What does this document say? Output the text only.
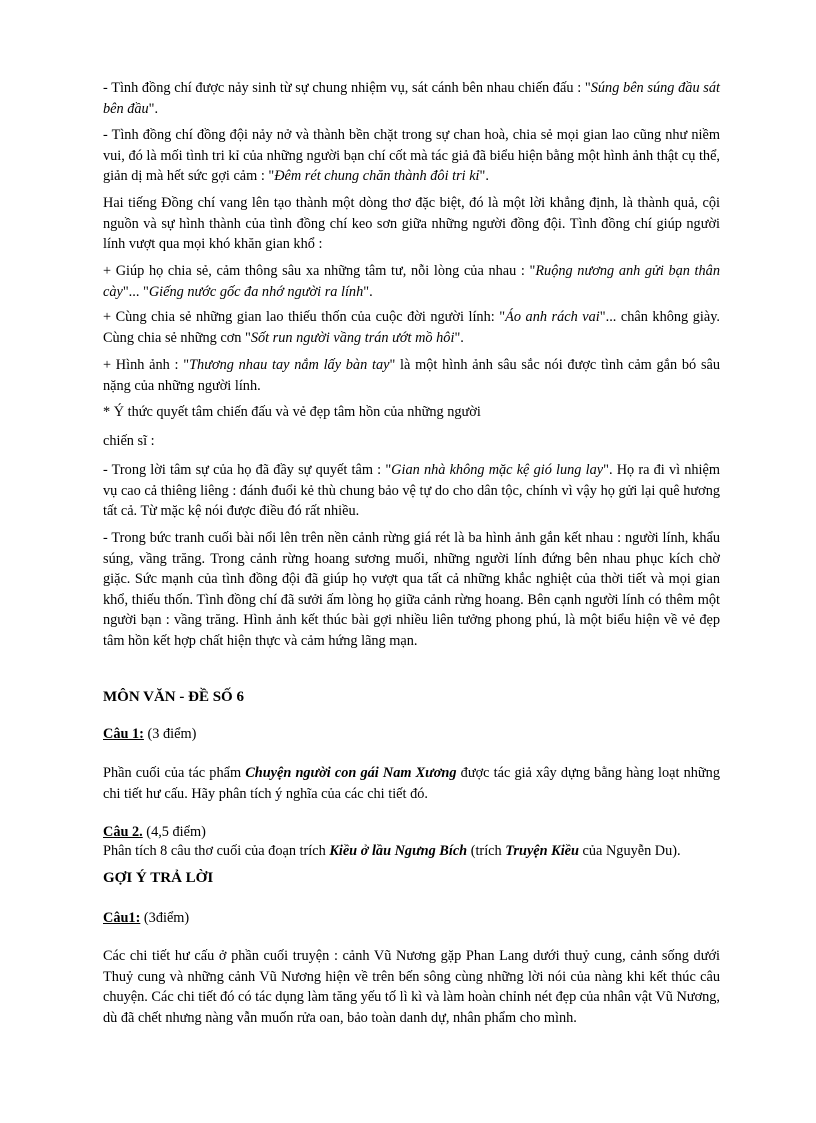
- Tình đồng chí được nảy sinh từ sự chung nhiệm vụ, sát cánh bên nhau chiến đấu : "Súng bên súng đầu sát bên đầu".

- Tình đồng chí đồng đội nảy nở và thành bền chặt trong sự chan hoà, chia sẻ mọi gian lao cũng như niềm vui, đó là mối tình tri kỉ của những người bạn chí cốt mà tác giả đã biểu hiện bằng một hình ảnh thật cụ thể, giản dị mà hết sức gợi cảm : "Đêm rét chung chăn thành đôi tri kỉ".

Hai tiếng Đồng chí vang lên tạo thành một dòng thơ đặc biệt, đó là một lời khẳng định, là thành quả, cội nguồn và sự hình thành của tình đồng chí keo sơn giữa những người đồng đội. Tình đồng chí giúp người lính vượt qua mọi khó khăn gian khổ :

+ Giúp họ chia sẻ, cảm thông sâu xa những tâm tư, nỗi lòng của nhau : "Ruộng nương anh gửi bạn thân cày"... "Giếng nước gốc đa nhớ người ra lính".

+ Cùng chia sẻ những gian lao thiếu thốn của cuộc đời người lính: "Áo anh rách vai"... chân không giày. Cùng chia sẻ những cơn "Sốt run người vầng trán ướt mồ hôi".

+ Hình ảnh : "Thương nhau tay nắm lấy bàn tay" là một hình ảnh sâu sắc nói được tình cảm gắn bó sâu nặng của những người lính.

* Ý thức quyết tâm chiến đấu và vẻ đẹp tâm hồn của những người

chiến sĩ :

- Trong lời tâm sự của họ đã đầy sự quyết tâm : "Gian nhà không mặc kệ gió lung lay". Họ ra đi vì nhiệm vụ cao cả thiêng liêng : đánh đuổi kẻ thù chung bảo vệ tự do cho dân tộc, chính vì vậy họ gửi lại quê hương tất cả. Từ mặc kệ nói được điều đó rất nhiều.

- Trong bức tranh cuối bài nổi lên trên nền cảnh rừng giá rét là ba hình ảnh gắn kết nhau : người lính, khẩu súng, vầng trăng. Trong cảnh rừng hoang sương muối, những người lính đứng bên nhau phục kích chờ giặc. Sức mạnh của tình đồng đội đã giúp họ vượt qua tất cả những khắc nghiệt của thời tiết và mọi gian khổ, thiếu thốn. Tình đồng chí đã sưởi ấm lòng họ giữa cảnh rừng hoang. Bên cạnh người lính có thêm một người bạn : vầng trăng. Hình ảnh kết thúc bài gợi nhiều liên tưởng phong phú, là một biểu hiện về vẻ đẹp tâm hồn kết hợp chất hiện thực và cảm hứng lãng mạn.

MÔN VĂN - ĐỀ SỐ 6

Câu 1: (3 điểm)

Phần cuối của tác phẩm Chuyện người con gái Nam Xương được tác giả xây dựng bằng hàng loạt những chi tiết hư cấu. Hãy phân tích ý nghĩa của các chi tiết đó.

Câu 2. (4,5 điểm)

Phân tích 8 câu thơ cuối của đoạn trích Kiều ở lầu Ngưng Bích (trích Truyện Kiều của Nguyễn Du).

GỢI Ý TRẢ LỜI

Câu1: (3điểm)

Các chi tiết hư cấu ở phần cuối truyện : cảnh Vũ Nương gặp Phan Lang dưới thuỷ cung, cảnh sống dưới Thuỷ cung và những cảnh Vũ Nương hiện về trên bến sông cùng những lời nói của nàng khi kết thúc câu chuyện. Các chi tiết đó có tác dụng làm tăng yếu tố lì kì và làm hoàn chỉnh nét đẹp của nhân vật Vũ Nương, dù đã chết nhưng nàng vẫn muốn rửa oan, bảo toàn danh dự, nhân phẩm cho mình.
